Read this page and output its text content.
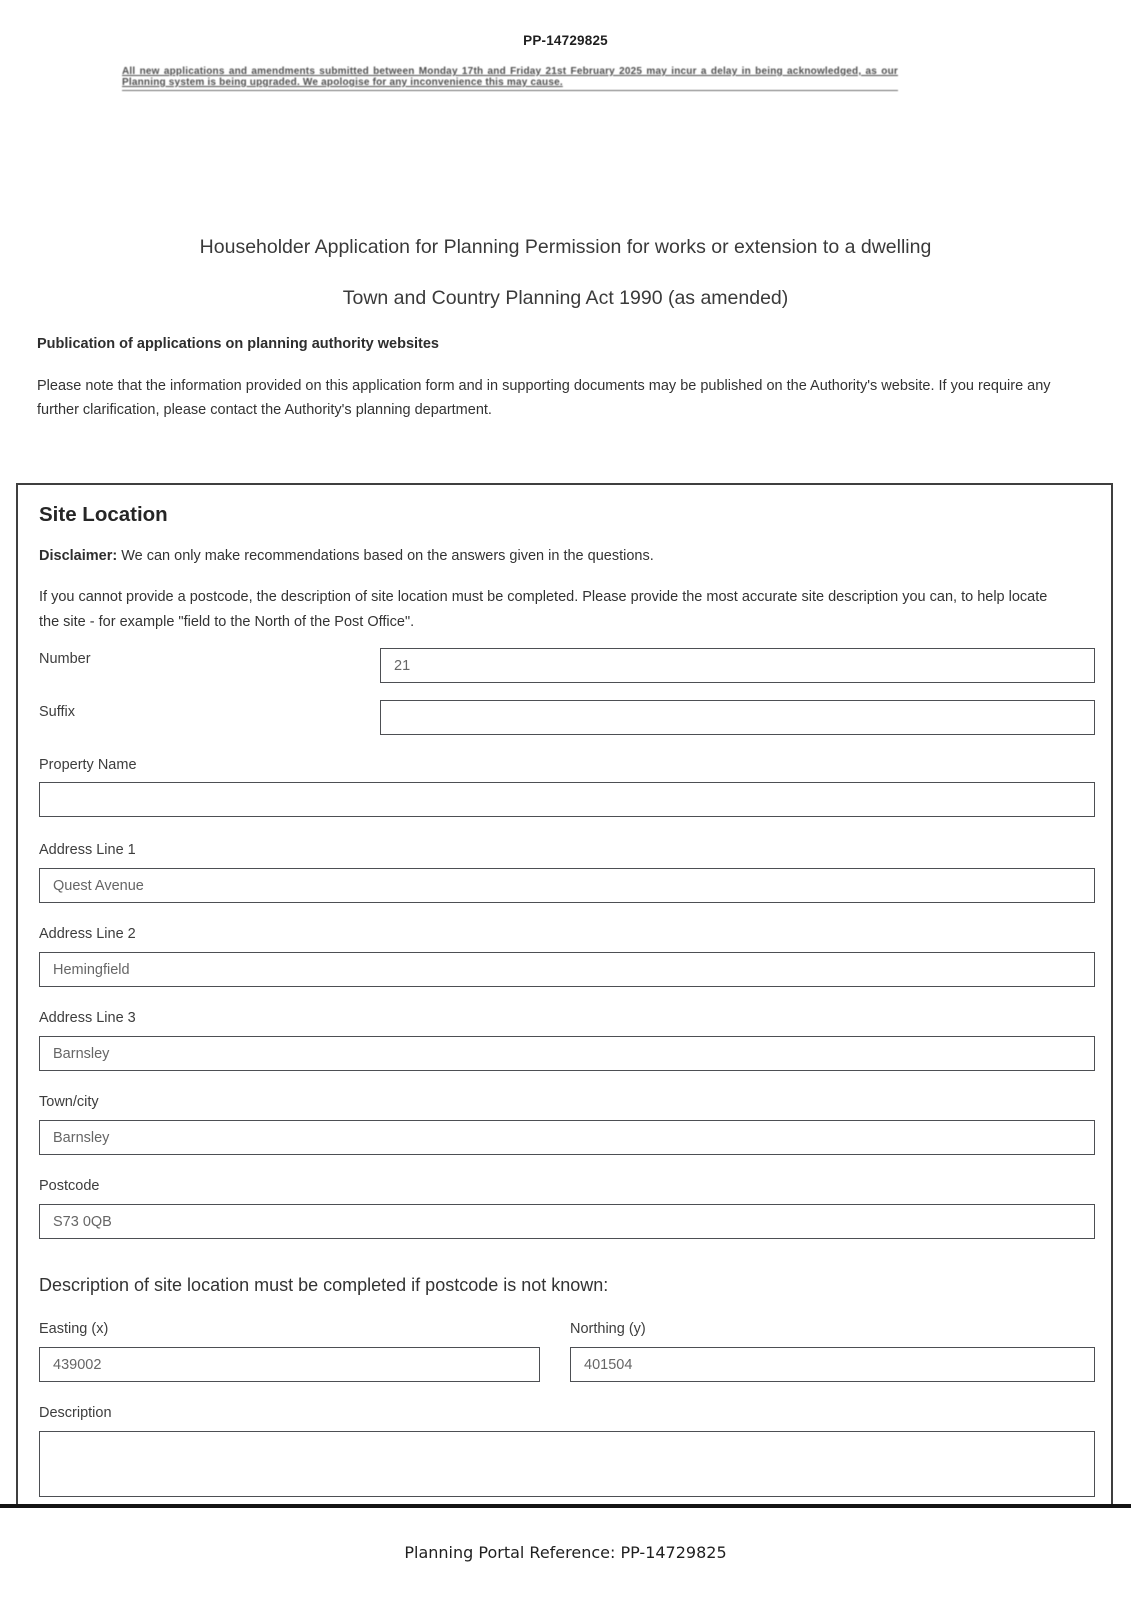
PP-14729825
All new applications and amendments submitted between Monday 17th and Friday 21st February 2025 may incur a delay in being acknowledged, as our Planning system is being upgraded. We apologise for any inconvenience this may cause.
Householder Application for Planning Permission for works or extension to a dwelling
Town and Country Planning Act 1990 (as amended)
Publication of applications on planning authority websites
Please note that the information provided on this application form and in supporting documents may be published on the Authority's website. If you require any further clarification, please contact the Authority's planning department.
Site Location
Disclaimer: We can only make recommendations based on the answers given in the questions.
If you cannot provide a postcode, the description of site location must be completed. Please provide the most accurate site description you can, to help locate the site - for example "field to the North of the Post Office".
Number
21
Suffix
Property Name
Address Line 1
Quest Avenue
Address Line 2
Hemingfield
Address Line 3
Barnsley
Town/city
Barnsley
Postcode
S73 0QB
Description of site location must be completed if postcode is not known:
Easting (x)
439002	Northing (y)
401504
Description
Planning Portal Reference: PP-14729825
